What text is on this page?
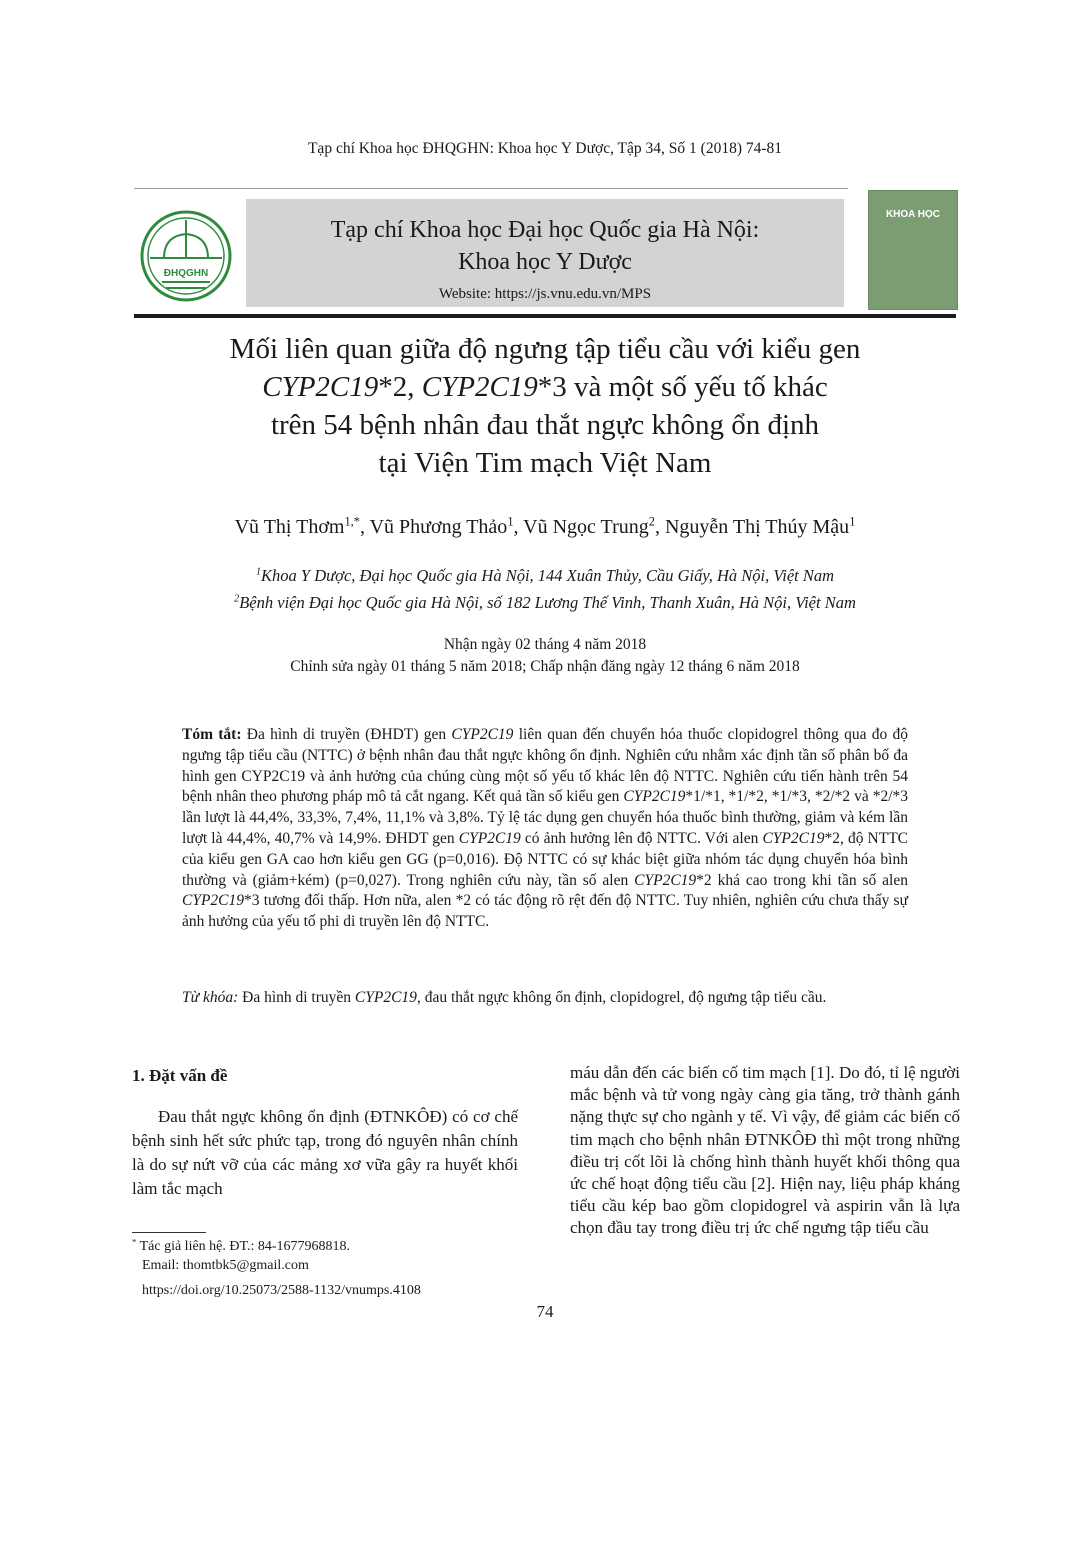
Tạp chí Khoa học ĐHQGHN: Khoa học Y Dược, Tập 34, Số 1 (2018) 74-81
ĐHQGHN
Tạp chí Khoa học Đại học Quốc gia Hà Nội:
Khoa học Y Dược
Website: https://js.vnu.edu.vn/MPS
KHOA HỌC
Mối liên quan giữa độ ngưng tập tiểu cầu với kiểu gen
CYP2C19*2, CYP2C19*3 và một số yếu tố khác
trên 54 bệnh nhân đau thắt ngực không ổn định
tại Viện Tim mạch Việt Nam
Vũ Thị Thơm$^{1,*}$, Vũ Phương Thảo$^1$, Vũ Ngọc Trung$^2$, Nguyễn Thị Thúy Mậu$^1$
$^1$Khoa Y Dược, Đại học Quốc gia Hà Nội, 144 Xuân Thủy, Cầu Giấy, Hà Nội, Việt Nam
$^2$Bệnh viện Đại học Quốc gia Hà Nội, số 182 Lương Thế Vinh, Thanh Xuân, Hà Nội, Việt Nam
Nhận ngày 02 tháng 4 năm 2018
Chỉnh sửa ngày 01 tháng 5 năm 2018; Chấp nhận đăng ngày 12 tháng 6 năm 2018
Tóm tắt: Đa hình di truyền (ĐHDT) gen CYP2C19 liên quan đến chuyển hóa thuốc clopidogrel thông qua đo độ ngưng tập tiểu cầu (NTTC) ở bệnh nhân đau thắt ngực không ổn định. Nghiên cứu nhằm xác định tần số phân bố đa hình gen CYP2C19 và ảnh hưởng của chúng cùng một số yếu tố khác lên độ NTTC. Nghiên cứu tiến hành trên 54 bệnh nhân theo phương pháp mô tả cắt ngang. Kết quả tần số kiểu gen CYP2C19*1/*1, *1/*2, *1/*3, *2/*2 và *2/*3 lần lượt là 44,4%, 33,3%, 7,4%, 11,1% và 3,8%. Tỷ lệ tác dụng gen chuyển hóa thuốc bình thường, giảm và kém lần lượt là 44,4%, 40,7% và 14,9%. ĐHDT gen CYP2C19 có ảnh hưởng lên độ NTTC. Với alen CYP2C19*2, độ NTTC của kiểu gen GA cao hơn kiểu gen GG (p=0,016). Độ NTTC có sự khác biệt giữa nhóm tác dụng chuyển hóa bình thường và (giảm+kém) (p=0,027). Trong nghiên cứu này, tần số alen CYP2C19*2 khá cao trong khi tần số alen CYP2C19*3 tương đối thấp. Hơn nữa, alen *2 có tác động rõ rệt đến độ NTTC. Tuy nhiên, nghiên cứu chưa thấy sự ảnh hưởng của yếu tố phi di truyền lên độ NTTC.
Từ khóa: Đa hình di truyền CYP2C19, đau thắt ngực không ổn định, clopidogrel, độ ngưng tập tiểu cầu.
1. Đặt vấn đề
Đau thắt ngực không ổn định (ĐTNKÔĐ) có cơ chế bệnh sinh hết sức phức tạp, trong đó nguyên nhân chính là do sự nứt vỡ của các mảng xơ vữa gây ra huyết khối làm tắc mạch
máu dẫn đến các biến cố tim mạch [1]. Do đó, tỉ lệ người mắc bệnh và tử vong ngày càng gia tăng, trở thành gánh nặng thực sự cho ngành y tế. Vì vậy, để giảm các biến cố tim mạch cho bệnh nhân ĐTNKÔĐ thì một trong những điều trị cốt lõi là chống hình thành huyết khối thông qua ức chế hoạt động tiểu cầu [2]. Hiện nay, liệu pháp kháng tiểu cầu kép bao gồm clopidogrel và aspirin vẫn là lựa chọn đầu tay trong điều trị ức chế ngưng tập tiểu cầu
* Tác giả liên hệ. ĐT.: 84-1677968818.
Email: thomtbk5@gmail.com
https://doi.org/10.25073/2588-1132/vnumps.4108
74
